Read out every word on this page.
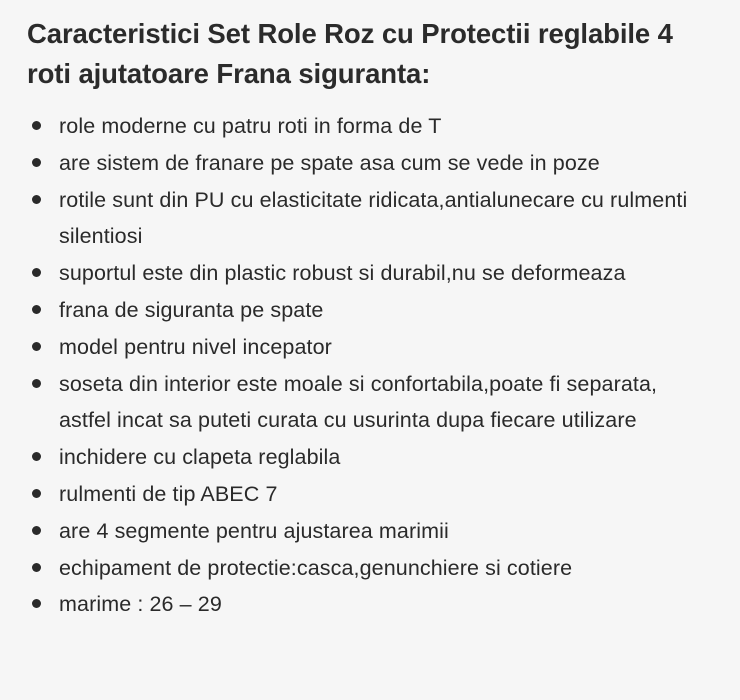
Caracteristici Set Role Roz cu Protectii reglabile 4 roti ajutatoare Frana siguranta:
role moderne cu patru roti in forma de T
are sistem de franare pe spate asa cum se vede in poze
rotile sunt din PU cu elasticitate ridicata,antialunecare cu rulmenti silentiosi
suportul este din plastic robust si durabil,nu se deformeaza
frana de siguranta pe spate
model pentru nivel incepator
soseta din interior este moale si confortabila,poate fi separata, astfel incat sa puteti curata cu usurinta dupa fiecare utilizare
inchidere cu clapeta reglabila
rulmenti de tip ABEC 7
are 4 segmente pentru ajustarea marimii
echipament de protectie:casca,genunchiere si cotiere
marime : 26 – 29
